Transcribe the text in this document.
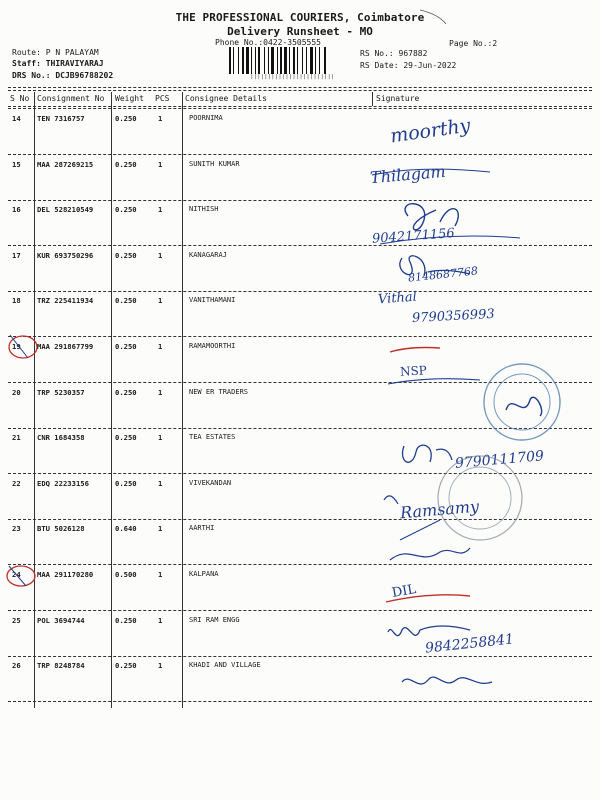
THE PROFESSIONAL COURIERS, Coimbatore
Delivery Runsheet - MO
Phone No.:0422-3505555	Page No.:2
Route: P N PALAYAM
Staff: THIRAVIYARAJ
DRS No.: DCJB96788202
RS No.: 967882
RS Date: 29-Jun-2022
||||||||||||||||||||||||
S No Consignment No Weight PCS Consignee Details	Signature
14 TEN 7316757	0.250	1	POORNIMA
15 MAA 287269215	0.250	1	SUNITH KUMAR
16 DEL 528210549	0.250	1	NITHISH
17 KUR 693750296	0.250	1	KANAGARAJ
18 TRZ 225411934	0.250	1	VANITHAMANI
19 MAA 291867799	0.250	1	RAMAMOORTHI
20 TRP 5230357	0.250	1	NEW ER TRADERS
21 CNR 1684358	0.250	1	TEA ESTATES
22 EDQ 22233156	0.250	1	VIVEKANDAN
23 BTU 5026128	0.640	1	AARTHI
24 MAA 291170280	0.500	1	KALPANA
25 POL 3694744	0.250	1	SRI RAM ENGG
26 TRP 8248784	0.250	1	KHADI AND VILLAGE
moorthy
Thilagam
9042171156
8148687768
Vithal
9790356993
NSP
9790111709
Ramsamy
DIL
9842258841
